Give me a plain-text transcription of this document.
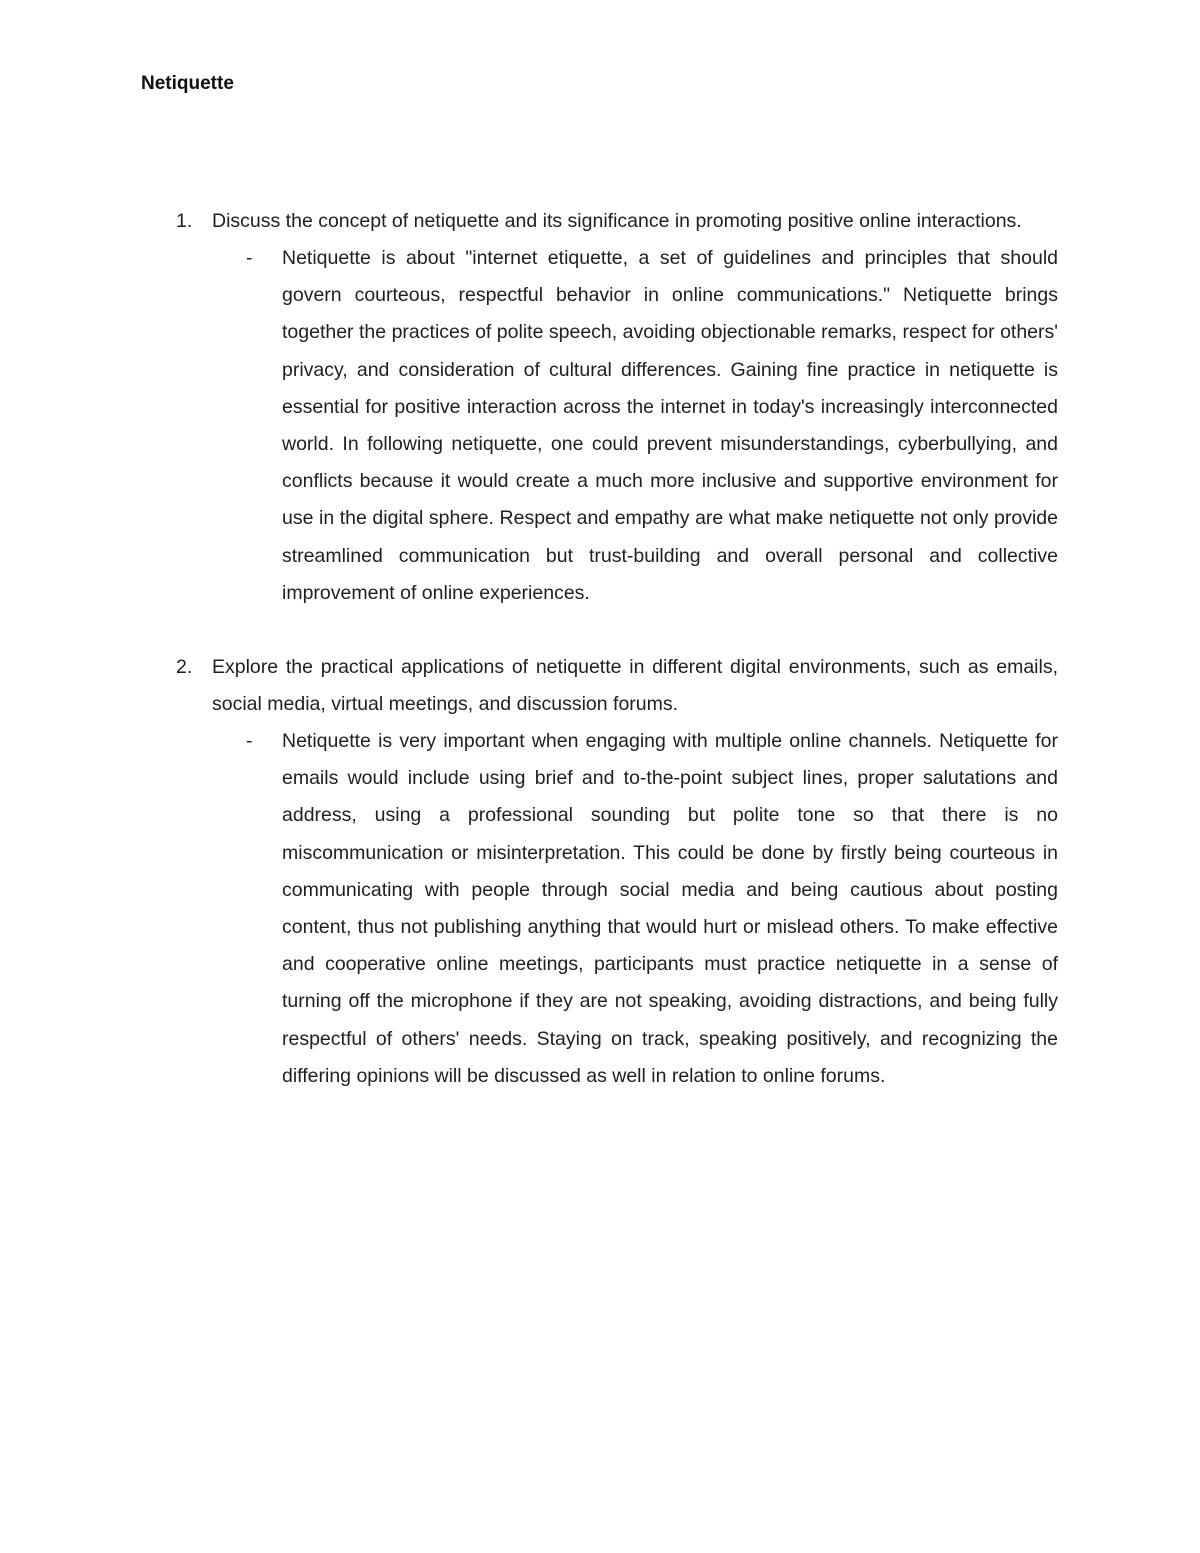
Netiquette
1. Discuss the concept of netiquette and its significance in promoting positive online interactions.
- Netiquette is about "internet etiquette, a set of guidelines and principles that should govern courteous, respectful behavior in online communications." Netiquette brings together the practices of polite speech, avoiding objectionable remarks, respect for others' privacy, and consideration of cultural differences. Gaining fine practice in netiquette is essential for positive interaction across the internet in today's increasingly interconnected world. In following netiquette, one could prevent misunderstandings, cyberbullying, and conflicts because it would create a much more inclusive and supportive environment for use in the digital sphere. Respect and empathy are what make netiquette not only provide streamlined communication but trust-building and overall personal and collective improvement of online experiences.
2. Explore the practical applications of netiquette in different digital environments, such as emails, social media, virtual meetings, and discussion forums.
- Netiquette is very important when engaging with multiple online channels. Netiquette for emails would include using brief and to-the-point subject lines, proper salutations and address, using a professional sounding but polite tone so that there is no miscommunication or misinterpretation. This could be done by firstly being courteous in communicating with people through social media and being cautious about posting content, thus not publishing anything that would hurt or mislead others. To make effective and cooperative online meetings, participants must practice netiquette in a sense of turning off the microphone if they are not speaking, avoiding distractions, and being fully respectful of others' needs. Staying on track, speaking positively, and recognizing the differing opinions will be discussed as well in relation to online forums.
